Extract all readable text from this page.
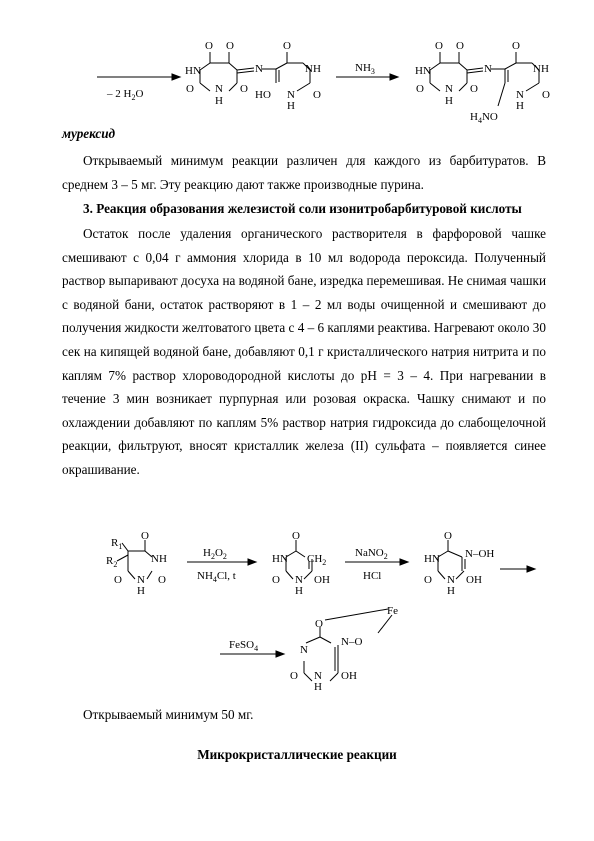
O
HN
O
O N
H
O
N
O
NH
HO N
H
O
– 2 $H_2O$
$NH_3$
O
HN
O
O N
H
O
N
O
NH
N
H
O
$H_4NO$
мурексид

Открываемый минимум реакции различен для каждого из барбитуратов. В среднем 3 – 5 мг. Эту реакцию дают также производные пурина.

3. Реакция образования железистой соли изонитробарбитуровой кислоты

Остаток после удаления органического растворителя в фарфоровой чашке смешивают с 0,04 г аммония хлорида в 10 мл водорода пероксида. Полученный раствор выпаривают досуха на водяной бане, изредка перемешивая. Не снимая чашки с водяной бани, остаток растворяют в 1 – 2 мл воды очищенной и смешивают до получения жидкости желтоватого цвета с 4 – 6 каплями реактива. Нагревают около 30 сек на кипящей водяной бане, добавляют 0,1 г кристаллического натрия нитрита и по каплям 7% раствор хлороводородной кислоты до pH = 3 – 4. При нагревании в течение 3 мин возникает пурпурная или розовая окраска. Чашку снимают и по охлаждении добавляют по каплям 5% раствор натрия гидроксида до слабощелочной реакции, фильтруют, вносят кристаллик железа (II) сульфата – появляется синее окрашивание.

$R_1$
$R_2$
O
NH
O N
H
O
$H_2O_2$
$NH_4Cl$, t
O
HN $CH_2$
O N
H
OH
NaNO$_2$
HCl
O
HN N–OH
O N
H
OH
FeSO$_4$
Fe
O
N
N–O
O N
H
OH

Открываемый минимум 50 мг.

Микрокристаллические реакции
